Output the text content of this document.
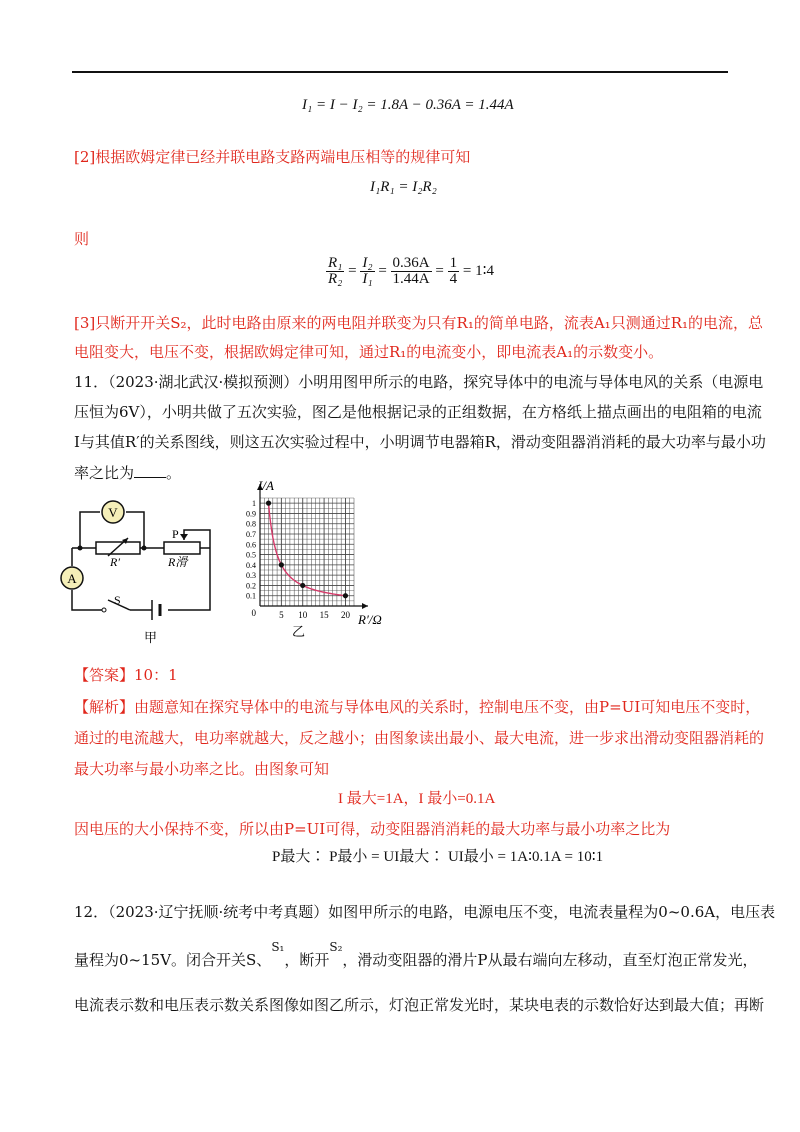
I₁ = I − I₂ = 1.8A − 0.36A = 1.44A
[2]根据欧姆定律已经并联电路支路两端电压相等的规律可知
I₁R₁ = I₂R₂
则
$\frac{\text{R₁}}{\text{R₂}} = \frac{\text{I₂}}{\text{I₁}} = \frac{0.36A}{1.44A} = \frac{1}{4}$ = 1∶4
[3]只断开开关S₂，此时电路由原来的两电阻并联变为只有R₁的简单电路，流表A₁只测通过R₁的电流，总
电阻变大，电压不变，根据欧姆定律可知，通过R₁的电流变小，即电流表A₁的示数变小。
11．（2023·湖北武汉·模拟预测）小明用图甲所示的电路，探究导体中的电流与导体电风的关系（电源电
压恒为6V），小明共做了五次实验，图乙是他根据记录的正组数据，在方格纸上描点画出的电阻箱的电流
I与其值R′的关系图线，则这五次实验过程中，小明调节电器箱R，滑动变阻器消消耗的最大功率与最小功
率之比为 。
V
A
S
P
R′	R滑
甲
0.1
0.2
0.3
0.4
0.5
0.6
0.7
0.8
0.9
1
5 10 15 20
0
I/A
R′/Ω
乙
【答案】10：1
【解析】由题意知在探究导体中的电流与导体电风的关系时，控制电压不变，由P=UI可知电压不变时，
通过的电流越大，电功率就越大，反之越小；由图象读出最小、最大电流，进一步求出滑动变阻器消耗的
最大功率与最小功率之比。由图象可知
I 最大=1A，I 最小=0.1A
因电压的大小保持不变，所以由P=UI可得，动变阻器消消耗的最大功率与最小功率之比为
P最大∶ P最小 = UI最大∶ UI最小 = 1A∶0.1A = 10∶1
12．（2023·辽宁抚顺·统考中考真题）如图甲所示的电路，电源电压不变，电流表量程为0~0.6A，电压表
量程为0~15V。闭合开关S、$^{S_1}$，断开$^{S_2}$，滑动变阻器的滑片P从最右端向左移动，直至灯泡正常发光，
电流表示数和电压表示数关系图像如图乙所示，灯泡正常发光时，某块电表的示数恰好达到最大值；再断
